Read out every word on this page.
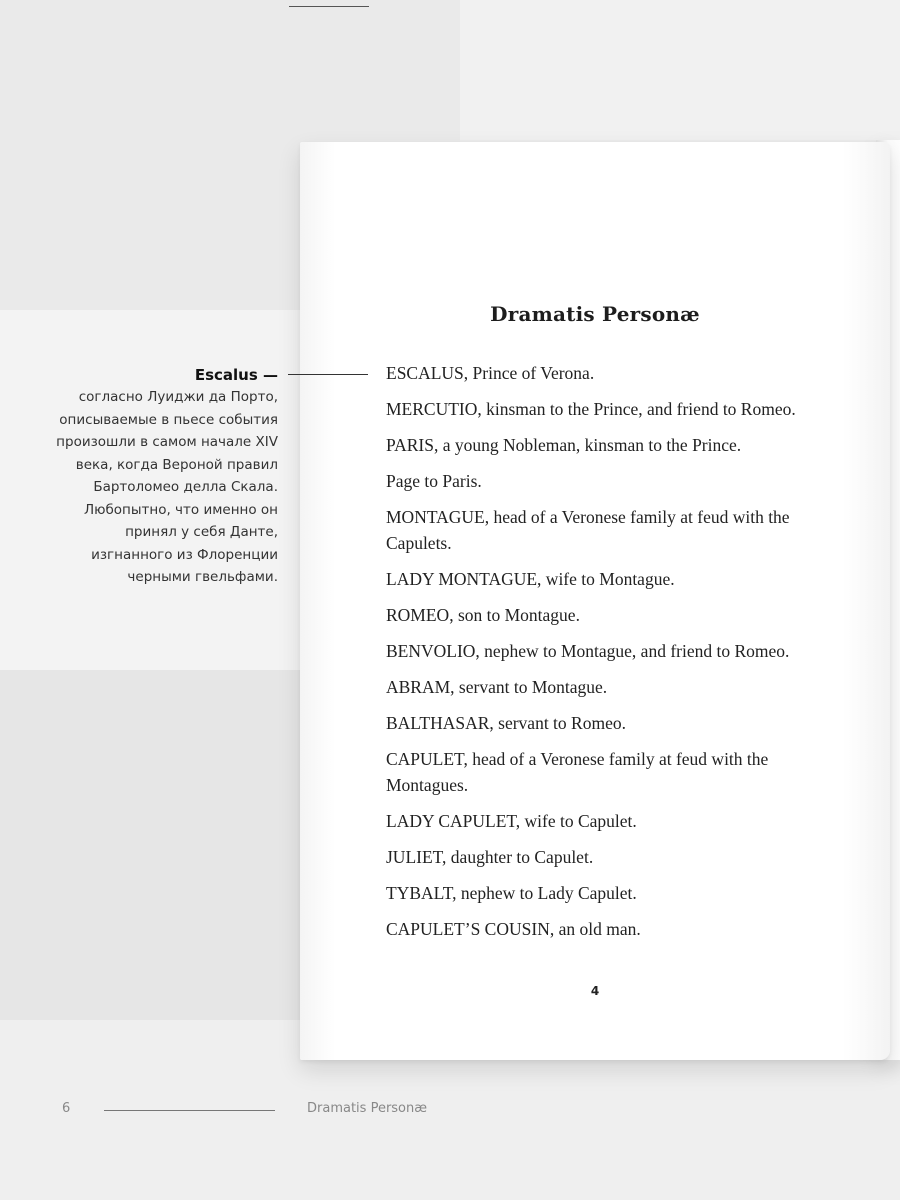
Dramatis Personæ
ESCALUS, Prince of Verona.
MERCUTIO, kinsman to the Prince, and friend to Romeo.
PARIS, a young Nobleman, kinsman to the Prince.
Page to Paris.
MONTAGUE, head of a Veronese family at feud with the Capulets.
LADY MONTAGUE, wife to Montague.
ROMEO, son to Montague.
BENVOLIO, nephew to Montague, and friend to Romeo.
ABRAM, servant to Montague.
BALTHASAR, servant to Romeo.
CAPULET, head of a Veronese family at feud with the Montagues.
LADY CAPULET, wife to Capulet.
JULIET, daughter to Capulet.
TYBALT, nephew to Lady Capulet.
CAPULET’S COUSIN, an old man.
4
Escalus —
согласно Луиджи да Порто, описываемые в пьесе события произошли в самом начале XIV века, когда Вероной правил Бартоломео делла Скала. Любопытно, что именно он принял у себя Данте, изгнанного из Флоренции черными гвельфами.
6	Dramatis Personæ
